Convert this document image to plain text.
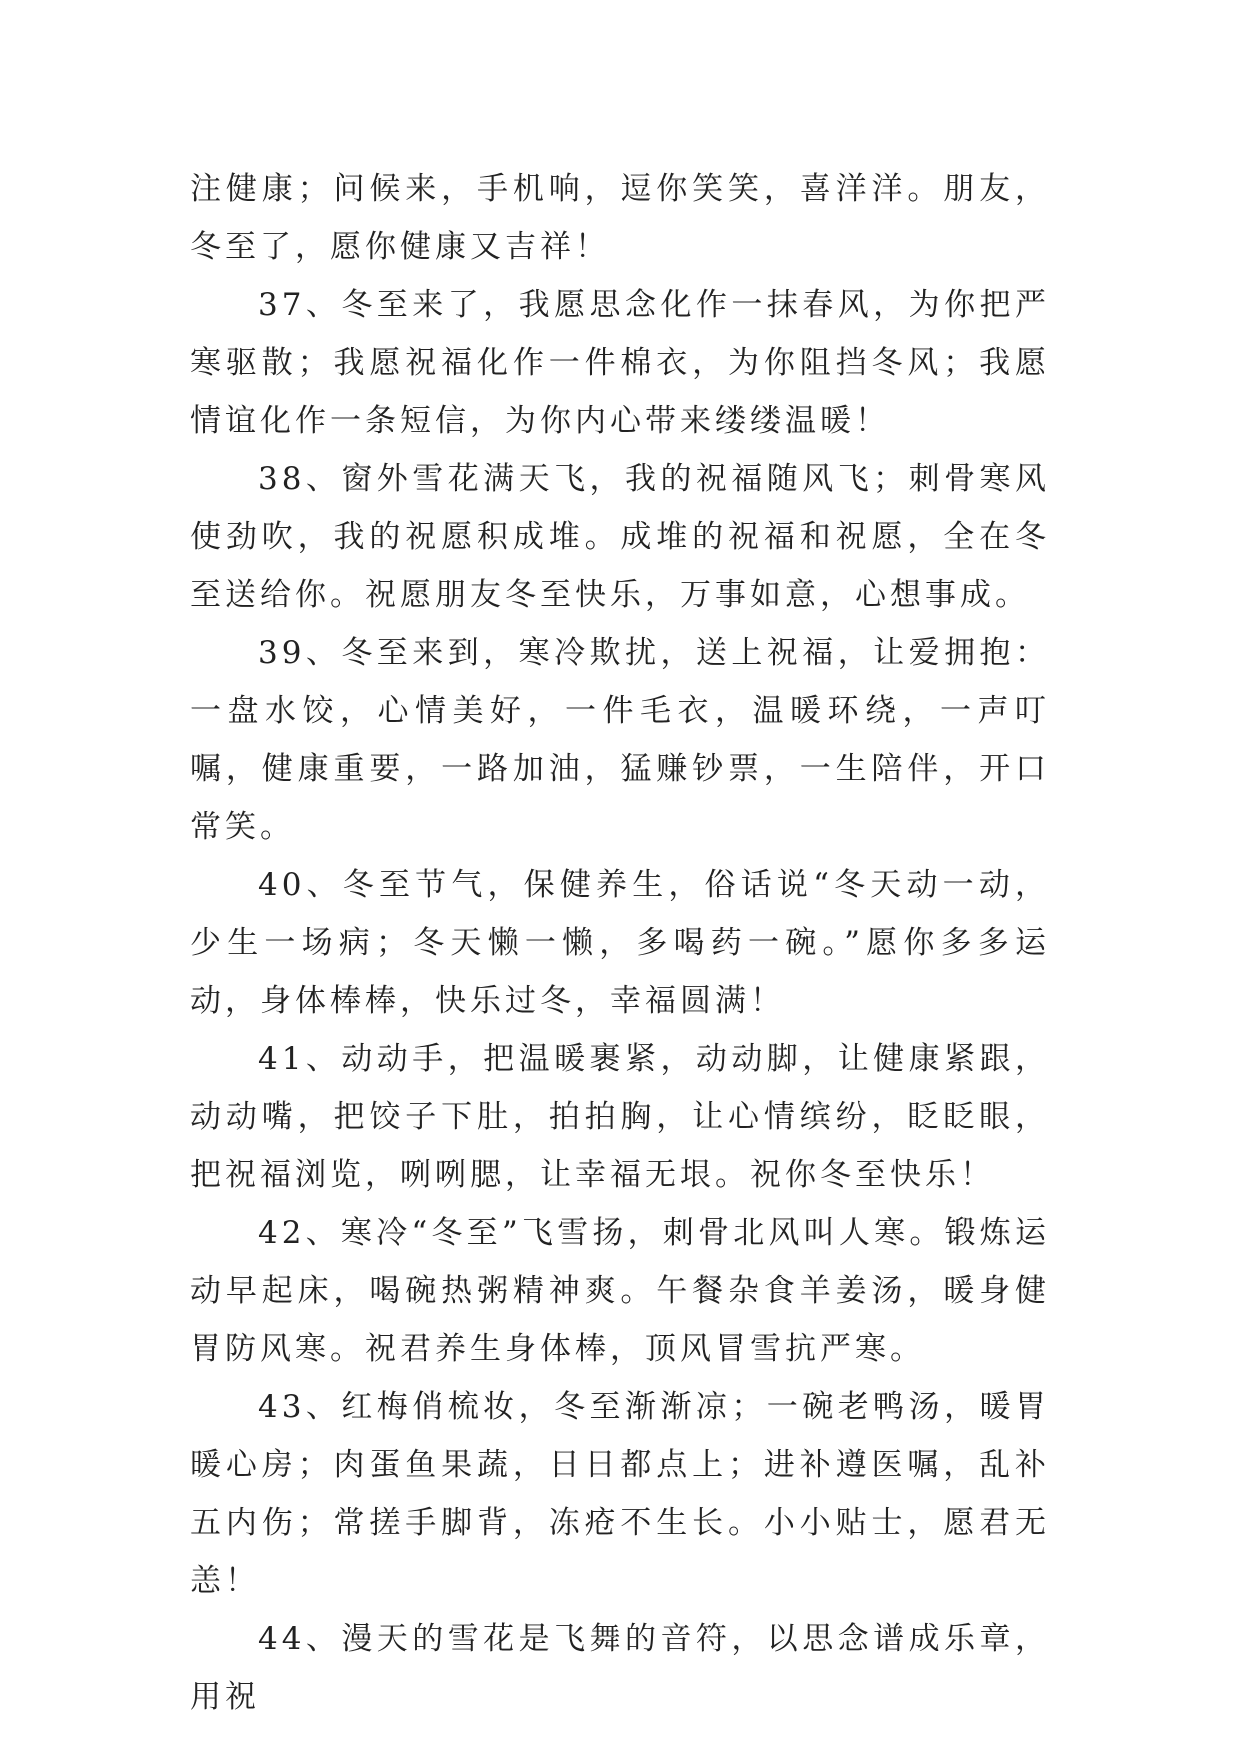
注健康；问候来，手机响，逗你笑笑，喜洋洋。朋友，冬至了，愿你健康又吉祥！

37、冬至来了，我愿思念化作一抹春风，为你把严寒驱散；我愿祝福化作一件棉衣，为你阻挡冬风；我愿情谊化作一条短信，为你内心带来缕缕温暖！

38、窗外雪花满天飞，我的祝福随风飞；刺骨寒风使劲吹，我的祝愿积成堆。成堆的祝福和祝愿，全在冬至送给你。祝愿朋友冬至快乐，万事如意，心想事成。

39、冬至来到，寒冷欺扰，送上祝福，让爱拥抱：一盘水饺，心情美好，一件毛衣，温暖环绕，一声叮嘱，健康重要，一路加油，猛赚钞票，一生陪伴，开口常笑。

40、冬至节气，保健养生，俗话说“冬天动一动，少生一场病；冬天懒一懒，多喝药一碗。”愿你多多运动，身体棒棒，快乐过冬，幸福圆满！

41、动动手，把温暖裹紧，动动脚，让健康紧跟，动动嘴，把饺子下肚，拍拍胸，让心情缤纷，眨眨眼，把祝福浏览，咧咧腮，让幸福无垠。祝你冬至快乐！

42、寒冷“冬至”飞雪扬，刺骨北风叫人寒。锻炼运动早起床，喝碗热粥精神爽。午餐杂食羊姜汤，暖身健胃防风寒。祝君养生身体棒，顶风冒雪抗严寒。

43、红梅俏梳妆，冬至渐渐凉；一碗老鸭汤，暖胃暖心房；肉蛋鱼果蔬，日日都点上；进补遵医嘱，乱补五内伤；常搓手脚背，冻疮不生长。小小贴士，愿君无恙！

44、漫天的雪花是飞舞的音符，以思念谱成乐章，用祝
